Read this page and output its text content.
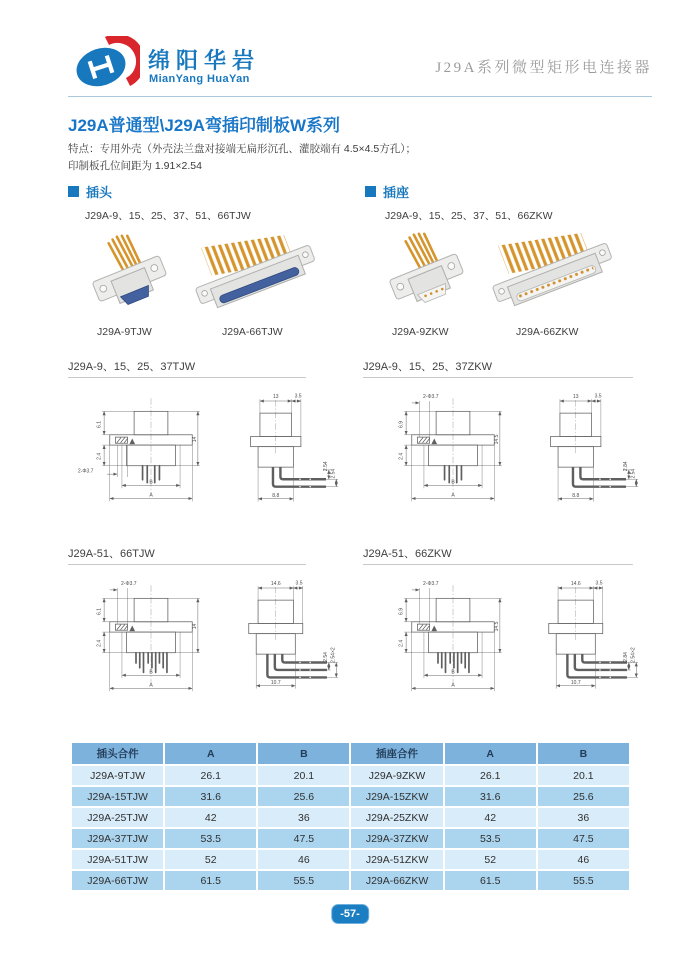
绵阳华岩
MianYang HuaYan
J29A系列微型矩形电连接器
J29A普通型\J29A弯插印制板W系列
特点：专用外壳（外壳法兰盘对接端无扁形沉孔、灌胶端有 4.5×4.5方孔）；
印制板孔位间距为 1.91×2.54
插头	插座
J29A-9、15、25、37、51、66TJW	J29A-9、15、25、37、51、66ZKW
J29A-9TJW	J29A-66TJW	J29A-9ZKW	J29A-66ZKW
J29A-9、15、25、37TJW	J29A-9、15、25、37ZKW
J29A-51、66TJW	J29A-51、66ZKW
6.1
2.4
14
B
A
2-Φ3.7
13	3.5
2.54
2.54
8.8
6.9
2.4
14.5
B
A
2-Φ3.7	13	3.5
2.84
2.54
8.8
6.1
2.4
14
B
A
2-Φ3.7	14.6	3.5
2.54 2.54×2
10.7
6.9
2.4
14.5
B
A
2-Φ3.7	14.6	3.5
2.84 2.54×2
10.7
插头合件	A	B	插座合件	A	B
J29A-9TJW	26.1	20.1	J29A-9ZKW	26.1	20.1
J29A-15TJW	31.6	25.6	J29A-15ZKW	31.6	25.6
J29A-25TJW	42	36	J29A-25ZKW	42	36
J29A-37TJW	53.5	47.5	J29A-37ZKW	53.5	47.5
J29A-51TJW	52	46	J29A-51ZKW	52	46
J29A-66TJW	61.5	55.5	J29A-66ZKW	61.5	55.5
-57-
